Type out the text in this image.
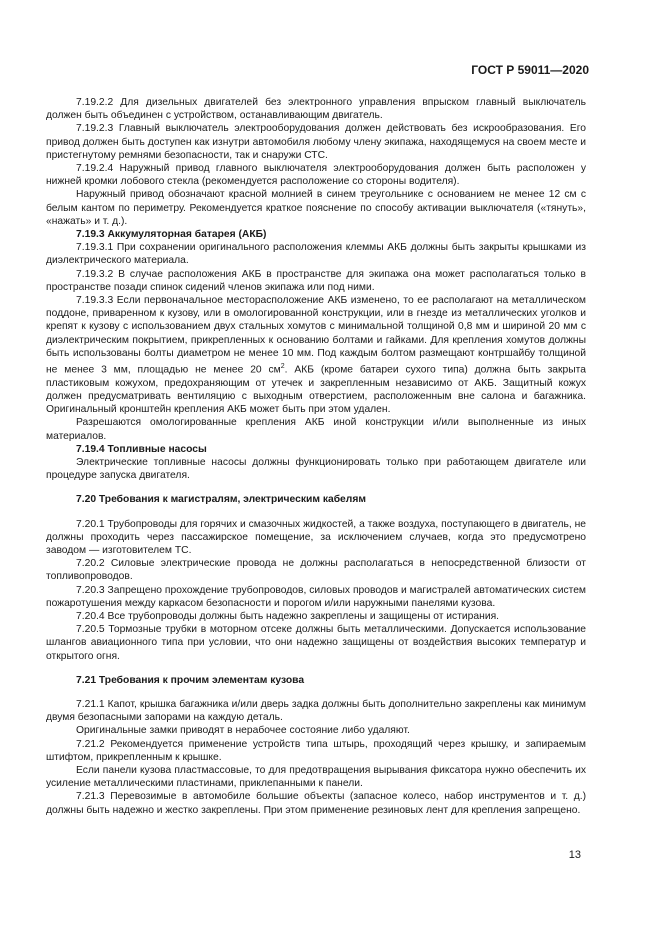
ГОСТ Р 59011—2020

7.19.2.2 Для дизельных двигателей без электронного управления впрыском главный выключатель должен быть объединен с устройством, останавливающим двигатель.

7.19.2.3 Главный выключатель электрооборудования должен действовать без искрообразования. Его привод должен быть доступен как изнутри автомобиля любому члену экипажа, находящемуся на своем месте и пристегнутому ремнями безопасности, так и снаружи СТС.

7.19.2.4 Наружный привод главного выключателя электрооборудования должен быть расположен у нижней кромки лобового стекла (рекомендуется расположение со стороны водителя).

Наружный привод обозначают красной молнией в синем треугольнике с основанием не менее 12 см с белым кантом по периметру. Рекомендуется краткое пояснение по способу активации выключателя («тянуть», «нажать» и т. д.).

7.19.3 Аккумуляторная батарея (АКБ)

7.19.3.1 При сохранении оригинального расположения клеммы АКБ должны быть закрыты крышками из диэлектрического материала.

7.19.3.2 В случае расположения АКБ в пространстве для экипажа она может располагаться только в пространстве позади спинок сидений членов экипажа или под ними.

7.19.3.3 Если первоначальное месторасположение АКБ изменено, то ее располагают на металлическом поддоне, приваренном к кузову, или в омологированной конструкции, или в гнезде из металлических уголков и крепят к кузову с использованием двух стальных хомутов с минимальной толщиной 0,8 мм и шириной 20 мм с диэлектрическим покрытием, прикрепленных к основанию болтами и гайками. Для крепления хомутов должны быть использованы болты диаметром не менее 10 мм. Под каждым болтом размещают контршайбу толщиной не менее 3 мм, площадью не менее 20 $см^2$. АКБ (кроме батареи сухого типа) должна быть закрыта пластиковым кожухом, предохраняющим от утечек и закрепленным независимо от АКБ. Защитный кожух должен предусматривать вентиляцию с выходным отверстием, расположенным вне салона и багажника. Оригинальный кронштейн крепления АКБ может быть при этом удален.

Разрешаются омологированные крепления АКБ иной конструкции и/или выполненные из иных материалов.

7.19.4 Топливные насосы

Электрические топливные насосы должны функционировать только при работающем двигателе или процедуре запуска двигателя.

7.20 Требования к магистралям, электрическим кабелям

7.20.1 Трубопроводы для горячих и смазочных жидкостей, а также воздуха, поступающего в двигатель, не должны проходить через пассажирское помещение, за исключением случаев, когда это предусмотрено заводом — изготовителем ТС.

7.20.2 Силовые электрические провода не должны располагаться в непосредственной близости от топливопроводов.

7.20.3 Запрещено прохождение трубопроводов, силовых проводов и магистралей автоматических систем пожаротушения между каркасом безопасности и порогом и/или наружными панелями кузова.

7.20.4 Все трубопроводы должны быть надежно закреплены и защищены от истирания.

7.20.5 Тормозные трубки в моторном отсеке должны быть металлическими. Допускается использование шлангов авиационного типа при условии, что они надежно защищены от воздействия высоких температур и открытого огня.

7.21 Требования к прочим элементам кузова

7.21.1 Капот, крышка багажника и/или дверь задка должны быть дополнительно закреплены как минимум двумя безопасными запорами на каждую деталь.

Оригинальные замки приводят в нерабочее состояние либо удаляют.

7.21.2 Рекомендуется применение устройств типа штырь, проходящий через крышку, и запираемым штифтом, прикрепленным к крышке.

Если панели кузова пластмассовые, то для предотвращения вырывания фиксатора нужно обеспечить их усиление металлическими пластинами, приклепанными к панели.

7.21.3 Перевозимые в автомобиле большие объекты (запасное колесо, набор инструментов и т. д.) должны быть надежно и жестко закреплены. При этом применение резиновых лент для крепления запрещено.

13
